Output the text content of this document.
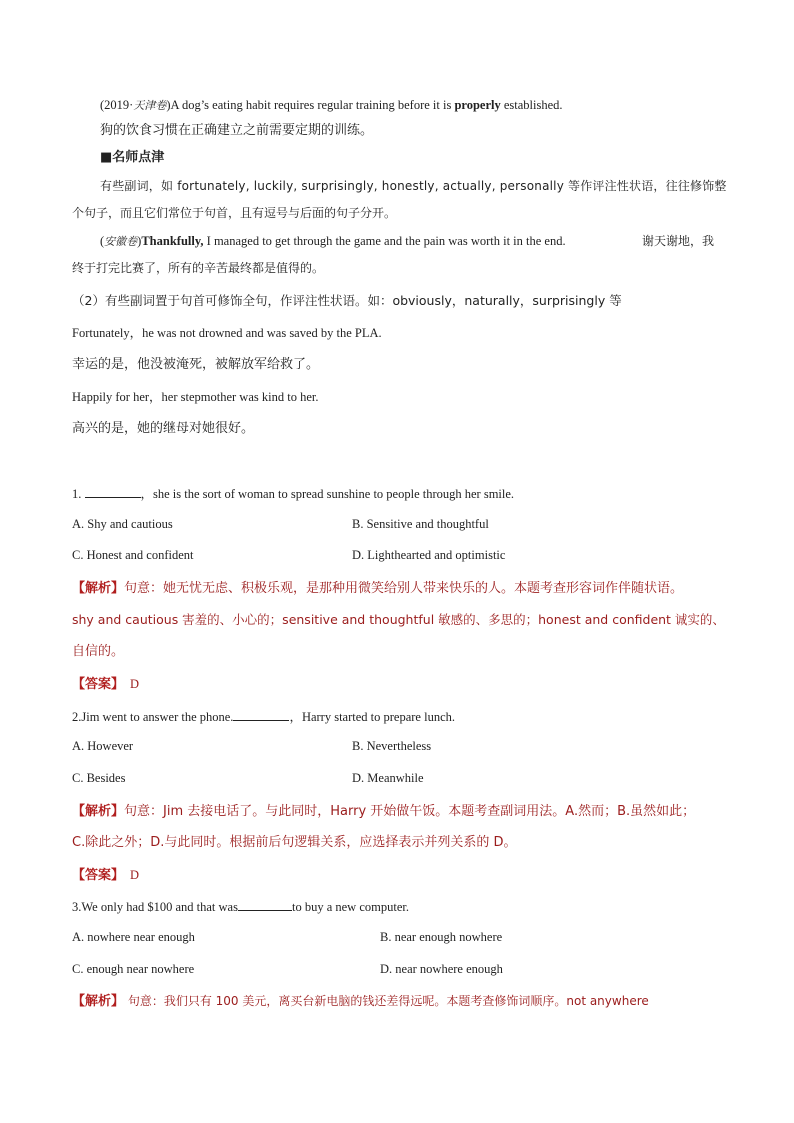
(2019·天津卷)A dog’s eating habit requires regular training before it is properly established.
狗的饮食习惯在正确建立之前需要定期的训练。
■名师点津
有些副词，如 fortunately, luckily, surprisingly, honestly, actually, personally 等作评注性状语，往往修饰整
个句子，而且它们常位于句首，且有逗号与后面的句子分开。
(安徽卷)Thankfully, I managed to get through the game and the pain was worth it in the end.	谢天谢地，我
终于打完比赛了，所有的辛苦最终都是值得的。
（2）有些副词置于句首可修饰全句，作评注性状语。如：obviously，naturally，surprisingly 等
Fortunately，he was not drowned and was saved by the PLA.
幸运的是，他没被淹死，被解放军给救了。
Happily for her，her stepmother was kind to her.
高兴的是，她的继母对她很好。
1.	，she is the sort of woman to spread sunshine to people through her smile.
A. Shy and cautious	B. Sensitive and thoughtful
C. Honest and confident	D. Lighthearted and optimistic
【解析】句意：她无忧无虑、积极乐观，是那种用微笑给别人带来快乐的人。本题考查形容词作伴随状语。
shy and cautious 害羞的、小心的；sensitive and thoughtful 敏感的、多思的；honest and confident 诚实的、
自信的。
【答案】 D
2.Jim went to answer the phone.	，Harry started to prepare lunch.
A. However	B. Nevertheless
C. Besides	D. Meanwhile
【解析】句意：Jim 去接电话了。与此同时，Harry 开始做午饭。本题考查副词用法。A.然而；B.虽然如此；
C.除此之外；D.与此同时。根据前后句逻辑关系，应选择表示并列关系的 D。
【答案】 D
3.We only had $100 and that was	to buy a new computer.
A. nowhere near enough	B. near enough nowhere
C. enough near nowhere	D. near nowhere enough
【解析】 句意：我们只有 100 美元，离买台新电脑的钱还差得远呢。本题考查修饰词顺序。not anywhere
